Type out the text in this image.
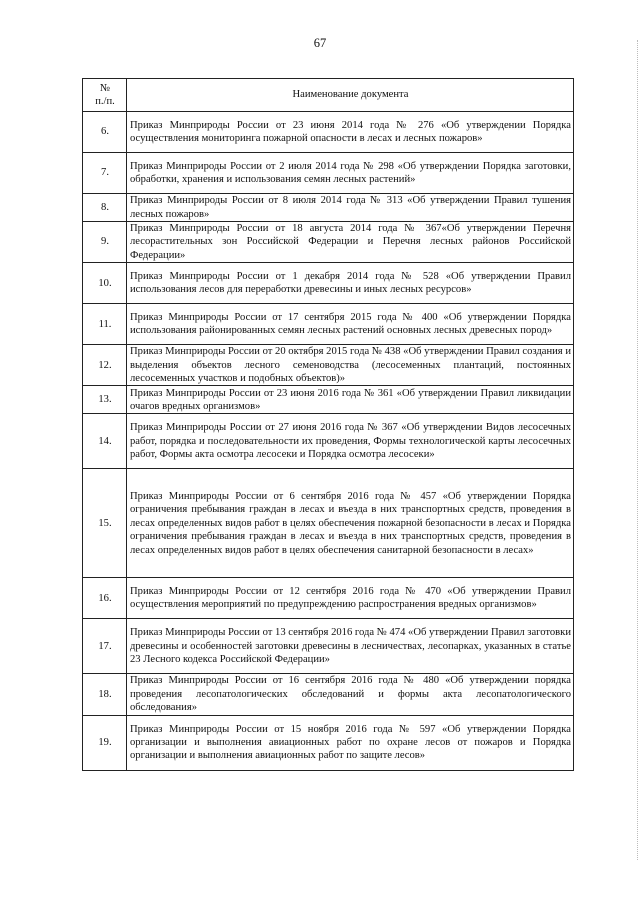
67
№
п./п.	Наименование документа
6.	Приказ Минприроды России от 23 июня 2014 года № 276 «Об утверждении Порядка осуществления мониторинга пожарной опасности в лесах и лесных пожаров»
7.	Приказ Минприроды России от 2 июля 2014 года № 298 «Об утверждении Порядка заготовки, обработки, хранения и использования семян лесных растений»
8.	Приказ Минприроды России от 8 июля 2014 года № 313 «Об утверждении Правил тушения лесных пожаров»
9.	Приказ Минприроды России от 18 августа 2014 года № 367«Об утверждении Перечня лесорастительных зон Российской Федерации и Перечня лесных районов Российской Федерации»
10.	Приказ Минприроды России от 1 декабря 2014 года № 528 «Об утверждении Правил использования лесов для переработки древесины и иных лесных ресурсов»
11.	Приказ Минприроды России от 17 сентября 2015 года № 400 «Об утверждении Порядка использования районированных семян лесных растений основных лесных древесных пород»
12.	Приказ Минприроды России от 20 октября 2015 года № 438 «Об утверждении Правил создания и выделения объектов лесного семеноводства (лесосеменных плантаций, постоянных лесосеменных участков и подобных объектов)»
13.	Приказ Минприроды России от 23 июня 2016 года № 361 «Об утверждении Правил ликвидации очагов вредных организмов»
14.	Приказ Минприроды России от 27 июня 2016 года № 367 «Об утверждении Видов лесосечных работ, порядка и последовательности их проведения, Формы технологической карты лесосечных работ, Формы акта осмотра лесосеки и Порядка осмотра лесосеки»
15.	Приказ Минприроды России от 6 сентября 2016 года № 457 «Об утверждении Порядка ограничения пребывания граждан в лесах и въезда в них транспортных средств, проведения в лесах определенных видов работ в целях обеспечения пожарной безопасности в лесах и Порядка ограничения пребывания граждан в лесах и въезда в них транспортных средств, проведения в лесах определенных видов работ в целях обеспечения санитарной безопасности в лесах»
16.	Приказ Минприроды России от 12 сентября 2016 года № 470 «Об утверждении Правил осуществления мероприятий по предупреждению распространения вредных организмов»
17.	Приказ Минприроды России от 13 сентября 2016 года № 474 «Об утверждении Правил заготовки древесины и особенностей заготовки древесины в лесничествах, лесопарках, указанных в статье 23 Лесного кодекса Российской Федерации»
18.	Приказ Минприроды России от 16 сентября 2016 года № 480 «Об утверждении порядка проведения лесопатологических обследований и формы акта лесопатологического обследования»
19.	Приказ Минприроды России от 15 ноября 2016 года № 597 «Об утверждении Порядка организации и выполнения авиационных работ по охране лесов от пожаров и Порядка организации и выполнения авиационных работ по защите лесов»
